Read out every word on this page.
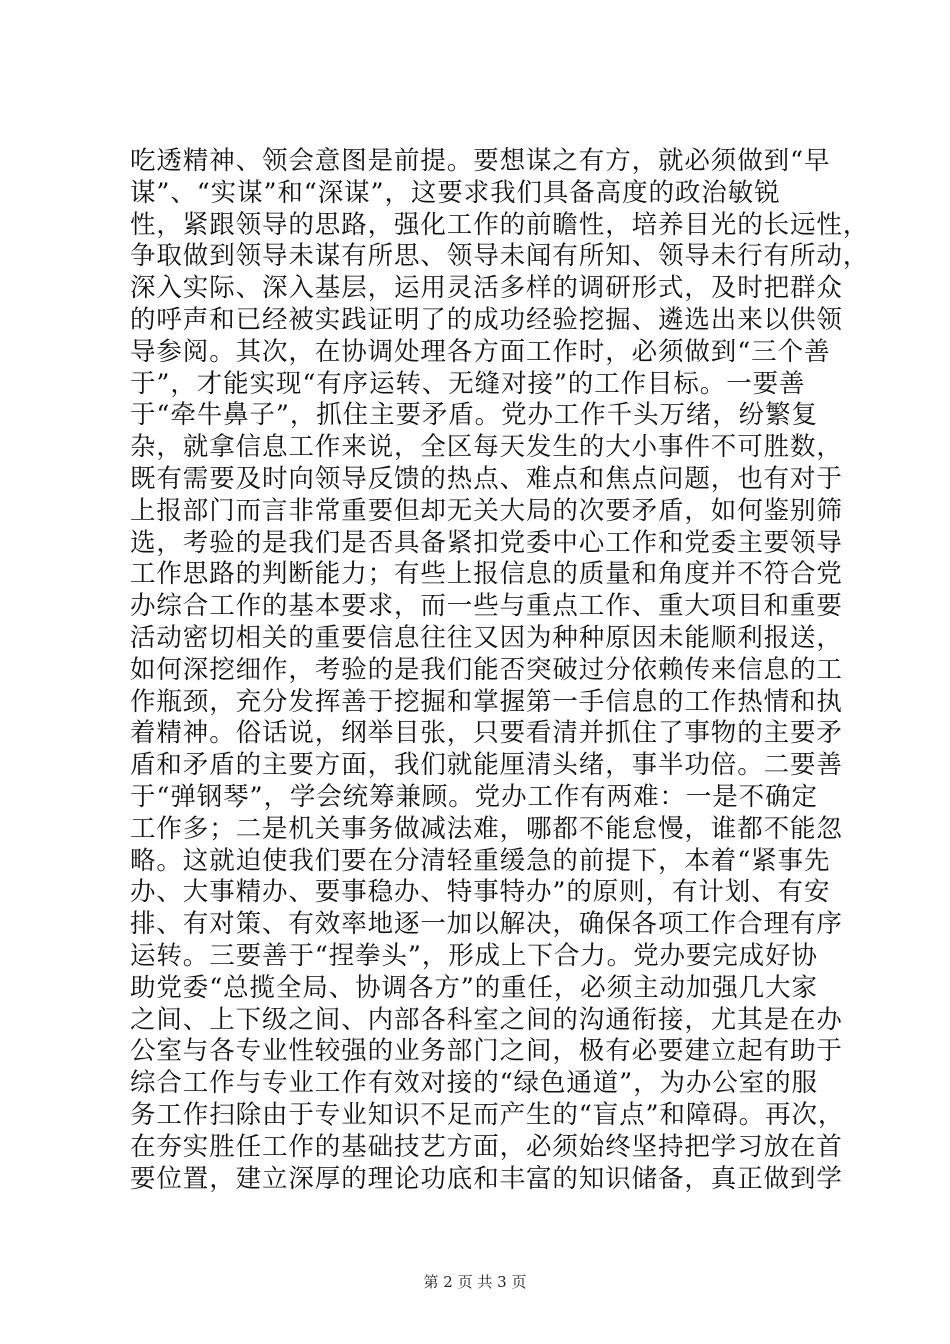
吃透精神、领会意图是前提。要想谋之有方，就必须做到“早
谋”、“实谋”和“深谋”，这要求我们具备高度的政治敏锐
性，紧跟领导的思路，强化工作的前瞻性，培养目光的长远性，
争取做到领导未谋有所思、领导未闻有所知、领导未行有所动，
深入实际、深入基层，运用灵活多样的调研形式，及时把群众
的呼声和已经被实践证明了的成功经验挖掘、遴选出来以供领
导参阅。其次，在协调处理各方面工作时，必须做到“三个善
于”，才能实现“有序运转、无缝对接”的工作目标。一要善
于“牵牛鼻子”，抓住主要矛盾。党办工作千头万绪，纷繁复
杂，就拿信息工作来说，全区每天发生的大小事件不可胜数，
既有需要及时向领导反馈的热点、难点和焦点问题，也有对于
上报部门而言非常重要但却无关大局的次要矛盾，如何鉴别筛
选，考验的是我们是否具备紧扣党委中心工作和党委主要领导
工作思路的判断能力；有些上报信息的质量和角度并不符合党
办综合工作的基本要求，而一些与重点工作、重大项目和重要
活动密切相关的重要信息往往又因为种种原因未能顺利报送，
如何深挖细作，考验的是我们能否突破过分依赖传来信息的工
作瓶颈，充分发挥善于挖掘和掌握第一手信息的工作热情和执
着精神。俗话说，纲举目张，只要看清并抓住了事物的主要矛
盾和矛盾的主要方面，我们就能厘清头绪，事半功倍。二要善
于“弹钢琴”，学会统筹兼顾。党办工作有两难：一是不确定
工作多；二是机关事务做减法难，哪都不能怠慢，谁都不能忽
略。这就迫使我们要在分清轻重缓急的前提下，本着“紧事先
办、大事精办、要事稳办、特事特办”的原则，有计划、有安
排、有对策、有效率地逐一加以解决，确保各项工作合理有序
运转。三要善于“捏拳头”，形成上下合力。党办要完成好协
助党委“总揽全局、协调各方”的重任，必须主动加强几大家
之间、上下级之间、内部各科室之间的沟通衔接，尤其是在办
公室与各专业性较强的业务部门之间，极有必要建立起有助于
综合工作与专业工作有效对接的“绿色通道”，为办公室的服
务工作扫除由于专业知识不足而产生的“盲点”和障碍。再次，
在夯实胜任工作的基础技艺方面，必须始终坚持把学习放在首
要位置，建立深厚的理论功底和丰富的知识储备，真正做到学
第 2 页 共 3 页
